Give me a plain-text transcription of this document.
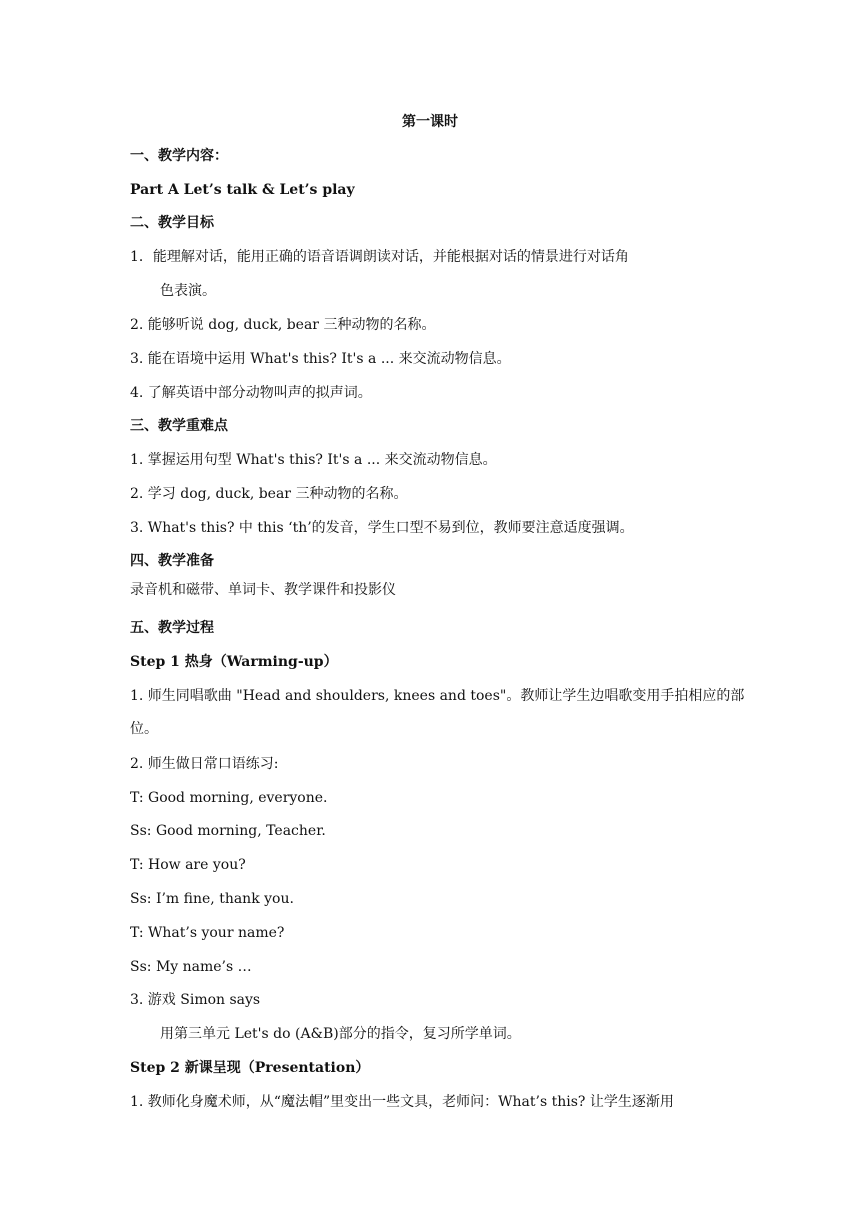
第一课时
一、教学内容：
Part A Let’s talk & Let’s play
二、教学目标
1．能理解对话，能用正确的语音语调朗读对话，并能根据对话的情景进行对话角
色表演。
2. 能够听说 dog, duck, bear 三种动物的名称。
3. 能在语境中运用 What's this? It's a ... 来交流动物信息。
4. 了解英语中部分动物叫声的拟声词。
三、教学重难点
1. 掌握运用句型 What's this? It's a ... 来交流动物信息。
2. 学习 dog, duck, bear 三种动物的名称。
3. What's this? 中 this ‘th’的发音，学生口型不易到位，教师要注意适度强调。
四、教学准备
录音机和磁带、单词卡、教学课件和投影仪
五、教学过程
Step 1 热身（Warming-up）
1. 师生同唱歌曲 "Head and shoulders, knees and toes"。教师让学生边唱歌变用手拍相应的部
位。
2. 师生做日常口语练习:
T: Good morning, everyone.
Ss: Good morning, Teacher.
T: How are you?
Ss: I’m fine, thank you.
T: What’s your name?
Ss: My name’s …
3. 游戏 Simon says
用第三单元 Let's do (A&B)部分的指令，复习所学单词。
Step 2 新课呈现（Presentation）
1. 教师化身魔术师，从“魔法帽”里变出一些文具，老师问：What’s this? 让学生逐渐用
